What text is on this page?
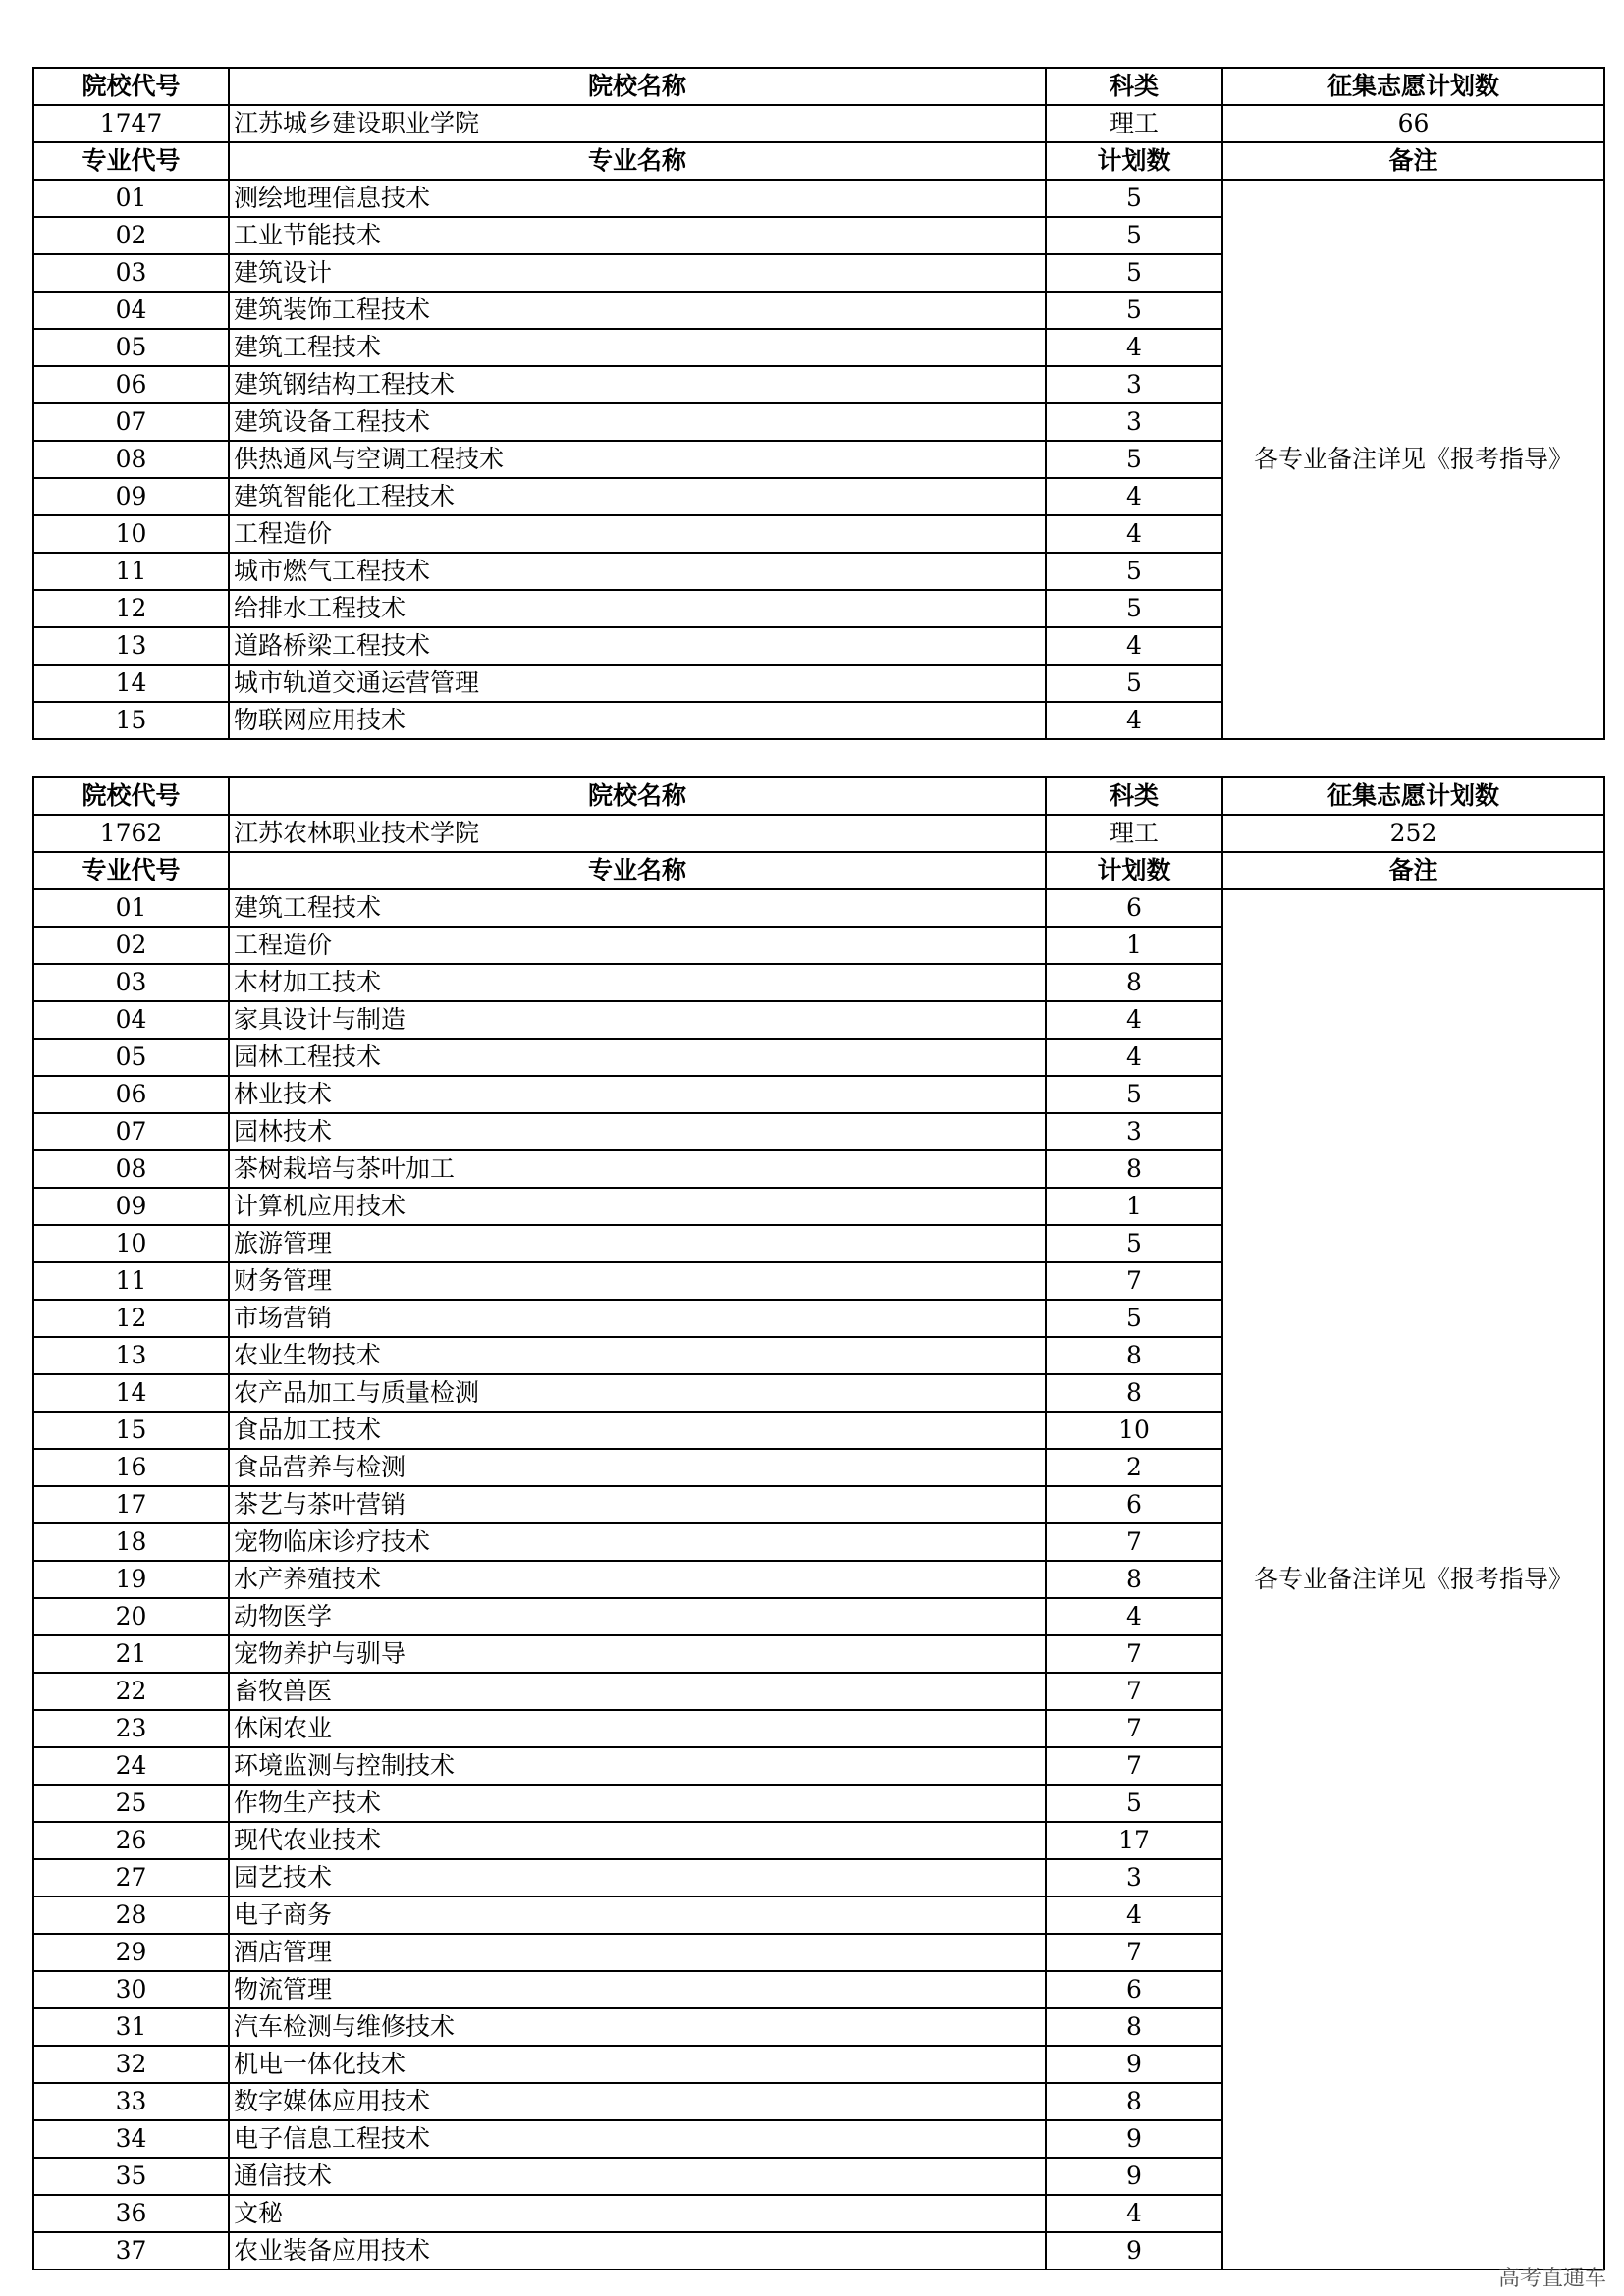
院校代号	院校名称	科类	征集志愿计划数
1747	江苏城乡建设职业学院	理工	66
专业代号	专业名称	计划数	备注
01	测绘地理信息技术	5	各专业备注详见《报考指导》
02	工业节能技术	5	
03	建筑设计	5	
04	建筑装饰工程技术	5	
05	建筑工程技术	4	
06	建筑钢结构工程技术	3	
07	建筑设备工程技术	3	
08	供热通风与空调工程技术	5	
09	建筑智能化工程技术	4	
10	工程造价	4	
11	城市燃气工程技术	5	
12	给排水工程技术	5	
13	道路桥梁工程技术	4	
14	城市轨道交通运营管理	5	
15	物联网应用技术	4	
院校代号	院校名称	科类	征集志愿计划数
1762	江苏农林职业技术学院	理工	252
专业代号	专业名称	计划数	备注
01	建筑工程技术	6	各专业备注详见《报考指导》
02	工程造价	1	
03	木材加工技术	8	
04	家具设计与制造	4	
05	园林工程技术	4	
06	林业技术	5	
07	园林技术	3	
08	茶树栽培与茶叶加工	8	
09	计算机应用技术	1	
10	旅游管理	5	
11	财务管理	7	
12	市场营销	5	
13	农业生物技术	8	
14	农产品加工与质量检测	8	
15	食品加工技术	10	
16	食品营养与检测	2	
17	茶艺与茶叶营销	6	
18	宠物临床诊疗技术	7	
19	水产养殖技术	8	
20	动物医学	4	
21	宠物养护与驯导	7	
22	畜牧兽医	7	
23	休闲农业	7	
24	环境监测与控制技术	7	
25	作物生产技术	5	
26	现代农业技术	17	
27	园艺技术	3	
28	电子商务	4	
29	酒店管理	7	
30	物流管理	6	
31	汽车检测与维修技术	8	
32	机电一体化技术	9	
33	数字媒体应用技术	8	
34	电子信息工程技术	9	
35	通信技术	9	
36	文秘	4	
37	农业装备应用技术	9	
高考直通车
